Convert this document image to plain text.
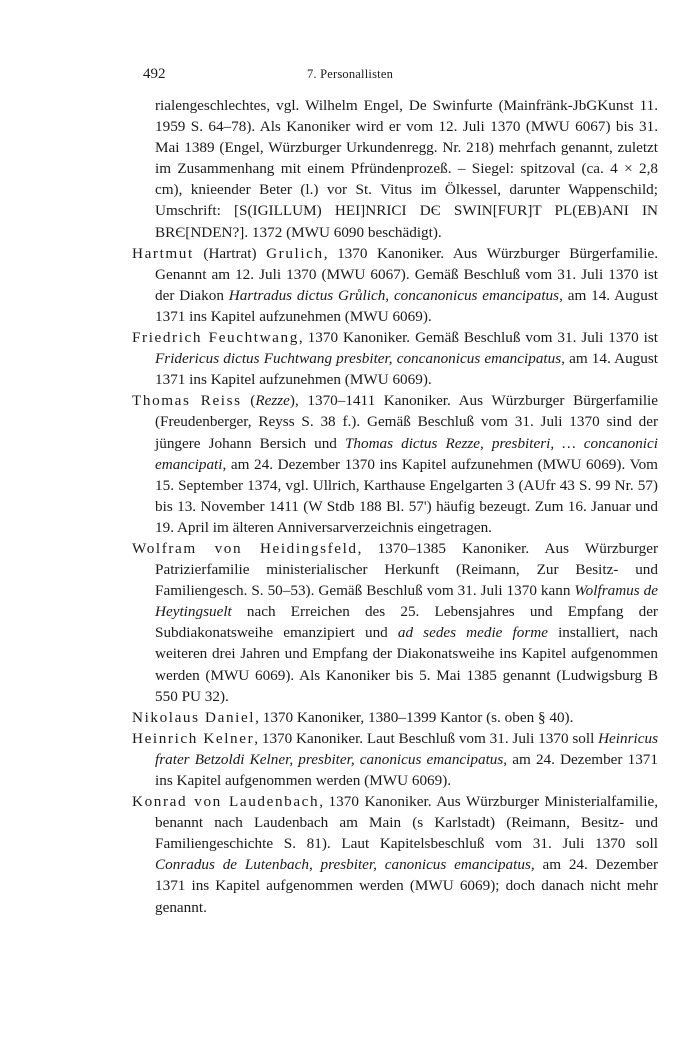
492	7. Personallisten

rialengeschlechtes, vgl. Wilhelm Engel, De Swinfurte (Mainfränk-JbGKunst 11. 1959 S. 64–78). Als Kanoniker wird er vom 12. Juli 1370 (MWU 6067) bis 31. Mai 1389 (Engel, Würzburger Urkundenregg. Nr. 218) mehrfach genannt, zuletzt im Zusammenhang mit einem Pfründenprozeß. – Siegel: spitzoval (ca. 4 × 2,8 cm), knieender Beter (l.) vor St. Vitus im Ölkessel, darunter Wappenschild; Umschrift: [S(IGILLUM) HEI]NRICI DЄ SWIN[FUR]T PL(EB)ANI IN BRЄ[NDEN?]. 1372 (MWU 6090 beschädigt).

Hartmut (Hartrat) Grulich, 1370 Kanoniker. Aus Würzburger Bürgerfamilie. Genannt am 12. Juli 1370 (MWU 6067). Gemäß Beschluß vom 31. Juli 1370 ist der Diakon Hartradus dictus Grůlich, concanonicus emancipatus, am 14. August 1371 ins Kapitel aufzunehmen (MWU 6069).

Friedrich Feuchtwang, 1370 Kanoniker. Gemäß Beschluß vom 31. Juli 1370 ist Fridericus dictus Fuchtwang presbiter, concanonicus emancipatus, am 14. August 1371 ins Kapitel aufzunehmen (MWU 6069).

Thomas Reiss (Rezze), 1370–1411 Kanoniker. Aus Würzburger Bürgerfamilie (Freudenberger, Reyss S. 38 f.). Gemäß Beschluß vom 31. Juli 1370 sind der jüngere Johann Bersich und Thomas dictus Rezze, presbiteri, … concanonici emancipati, am 24. Dezember 1370 ins Kapitel aufzunehmen (MWU 6069). Vom 15. September 1374, vgl. Ullrich, Karthause Engelgarten 3 (AUfr 43 S. 99 Nr. 57) bis 13. November 1411 (W Stdb 188 Bl. 57') häufig bezeugt. Zum 16. Januar und 19. April im älteren Anniversarverzeichnis eingetragen.

Wolfram von Heidingsfeld, 1370–1385 Kanoniker. Aus Würzburger Patrizierfamilie ministerialischer Herkunft (Reimann, Zur Besitz- und Familiengesch. S. 50–53). Gemäß Beschluß vom 31. Juli 1370 kann Wolframus de Heytingsuelt nach Erreichen des 25. Lebensjahres und Empfang der Subdiakonatsweihe emanzipiert und ad sedes medie forme installiert, nach weiteren drei Jahren und Empfang der Diakonatsweihe ins Kapitel aufgenommen werden (MWU 6069). Als Kanoniker bis 5. Mai 1385 genannt (Ludwigsburg B 550 PU 32).

Nikolaus Daniel, 1370 Kanoniker, 1380–1399 Kantor (s. oben § 40).

Heinrich Kelner, 1370 Kanoniker. Laut Beschluß vom 31. Juli 1370 soll Heinricus frater Betzoldi Kelner, presbiter, canonicus emancipatus, am 24. Dezember 1371 ins Kapitel aufgenommen werden (MWU 6069).

Konrad von Laudenbach, 1370 Kanoniker. Aus Würzburger Ministerialfamilie, benannt nach Laudenbach am Main (s Karlstadt) (Reimann, Besitz- und Familiengeschichte S. 81). Laut Kapitelsbeschluß vom 31. Juli 1370 soll Conradus de Lutenbach, presbiter, canonicus emancipatus, am 24. Dezember 1371 ins Kapitel aufgenommen werden (MWU 6069); doch danach nicht mehr genannt.
